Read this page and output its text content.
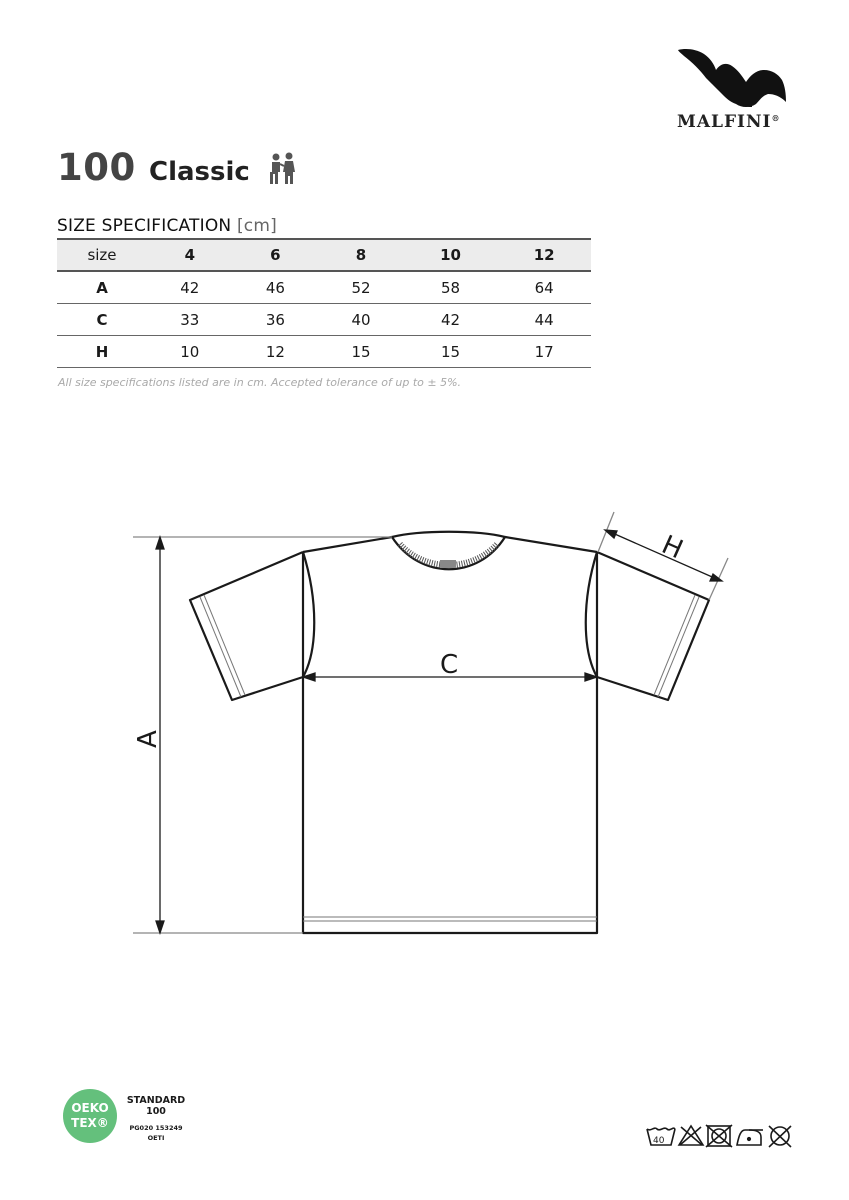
MALFINI®
100 Classic
SIZE SPECIFICATION [cm]
size	4	6	8	10	12
A	42	46	52	58	64
C	33	36	40	42	44
H	10	12	15	15	17
All size specifications listed are in cm. Accepted tolerance of up to ± 5%.
A
C
H
OEKO
TEX®
STANDARD
100
PG020 153249
OETI	40
